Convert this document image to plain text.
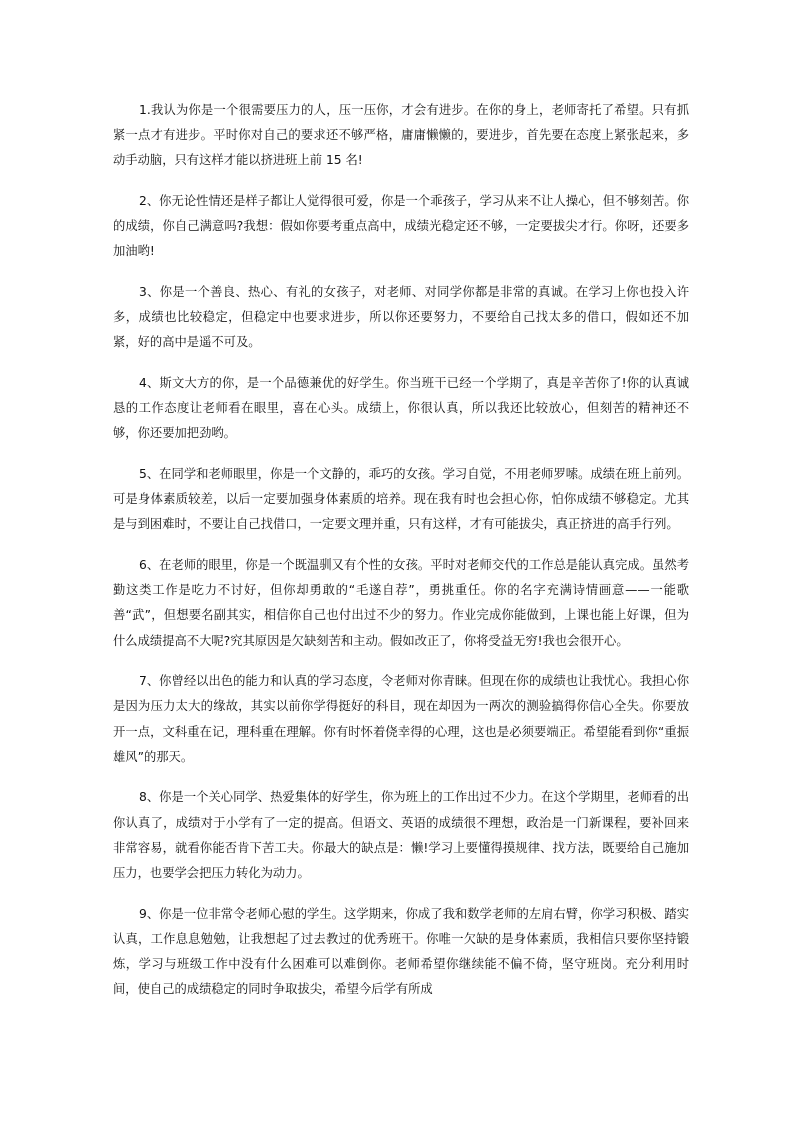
1.我认为你是一个很需要压力的人，压一压你，才会有进步。在你的身上，老师寄托了希望。只有抓紧一点才有进步。平时你对自己的要求还不够严格，庸庸懒懒的，要进步，首先要在态度上紧张起来，多动手动脑，只有这样才能以挤进班上前 15 名!

2、你无论性情还是样子都让人觉得很可爱，你是一个乖孩子，学习从来不让人操心，但不够刻苦。你的成绩，你自己满意吗?我想：假如你要考重点高中，成绩光稳定还不够，一定要拔尖才行。你呀，还要多加油哟!

3、你是一个善良、热心、有礼的女孩子，对老师、对同学你都是非常的真诚。在学习上你也投入许多，成绩也比较稳定，但稳定中也要求进步，所以你还要努力，不要给自己找太多的借口，假如还不加紧，好的高中是遥不可及。

4、斯文大方的你，是一个品德兼优的好学生。你当班干已经一个学期了，真是辛苦你了!你的认真诚恳的工作态度让老师看在眼里，喜在心头。成绩上，你很认真，所以我还比较放心，但刻苦的精神还不够，你还要加把劲哟。

5、在同学和老师眼里，你是一个文静的，乖巧的女孩。学习自觉，不用老师罗嗦。成绩在班上前列。可是身体素质较差，以后一定要加强身体素质的培养。现在我有时也会担心你，怕你成绩不够稳定。尤其是与到困难时，不要让自己找借口，一定要文理并重，只有这样，才有可能拔尖，真正挤进的高手行列。

6、在老师的眼里，你是一个既温驯又有个性的女孩。平时对老师交代的工作总是能认真完成。虽然考勤这类工作是吃力不讨好，但你却勇敢的“毛遂自荐”，勇挑重任。你的名字充满诗情画意——一能歌善“武”，但想要名副其实，相信你自己也付出过不少的努力。作业完成你能做到，上课也能上好课，但为什么成绩提高不大呢?究其原因是欠缺刻苦和主动。假如改正了，你将受益无穷!我也会很开心。

7、你曾经以出色的能力和认真的学习态度，令老师对你青睐。但现在你的成绩也让我忧心。我担心你是因为压力太大的缘故，其实以前你学得挺好的科目，现在却因为一两次的测验搞得你信心全失。你要放开一点，文科重在记，理科重在理解。你有时怀着侥幸得的心理，这也是必须要端正。希望能看到你“重振雄风”的那天。

8、你是一个关心同学、热爱集体的好学生，你为班上的工作出过不少力。在这个学期里，老师看的出你认真了，成绩对于小学有了一定的提高。但语文、英语的成绩很不理想，政治是一门新课程，要补回来非常容易，就看你能否肯下苦工夫。你最大的缺点是：懒!学习上要懂得摸规律、找方法，既要给自己施加压力，也要学会把压力转化为动力。

9、你是一位非常令老师心慰的学生。这学期来，你成了我和数学老师的左肩右臂，你学习积极、踏实认真，工作息息勉勉，让我想起了过去教过的优秀班干。你唯一欠缺的是身体素质，我相信只要你坚持锻炼，学习与班级工作中没有什么困难可以难倒你。老师希望你继续能不偏不倚，坚守班岗。充分利用时间，使自己的成绩稳定的同时争取拔尖，希望今后学有所成
